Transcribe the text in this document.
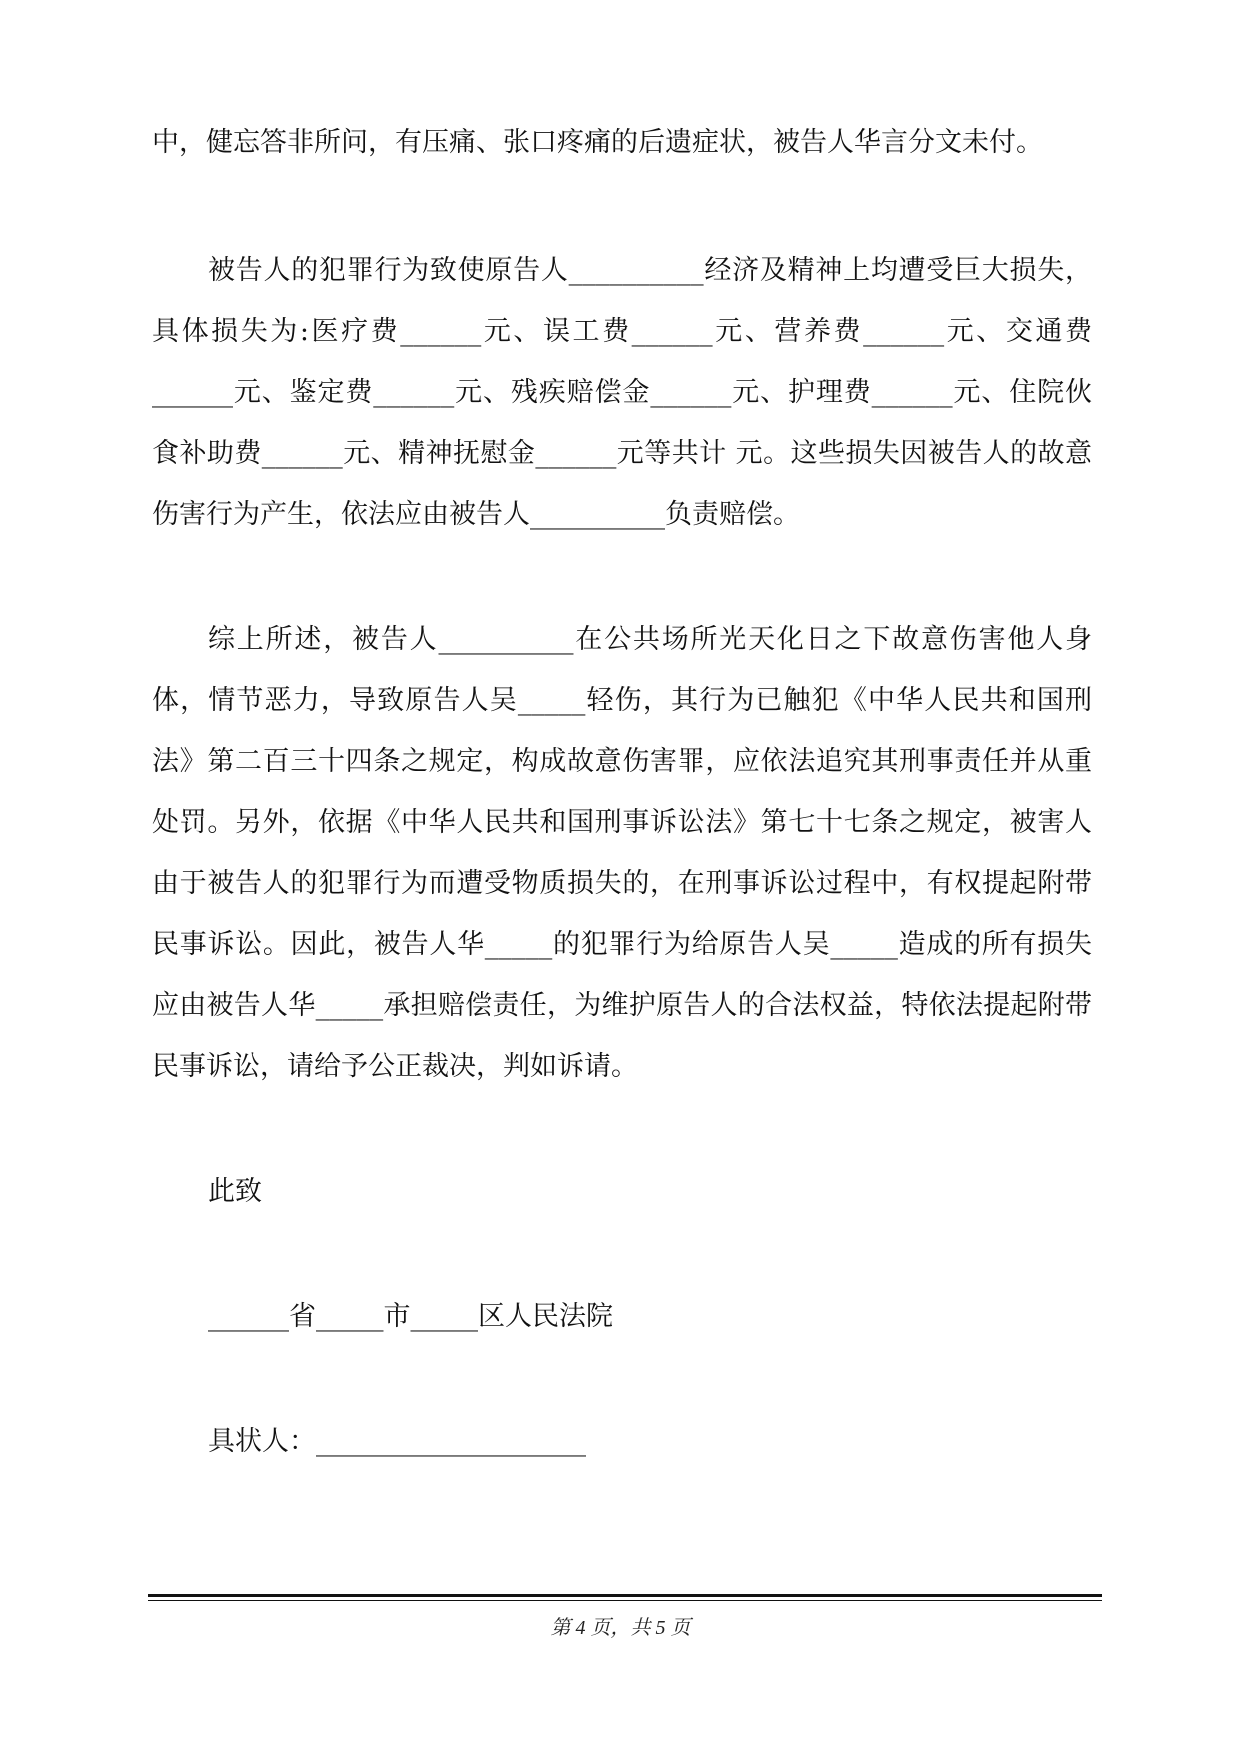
中，健忘答非所问，有压痛、张口疼痛的后遗症状，被告人华言分文未付。

被告人的犯罪行为致使原告人__________经济及精神上均遭受巨大损失，具体损失为:医疗费______元、误工费______元、营养费______元、交通费______元、鉴定费______元、残疾赔偿金______元、护理费______元、住院伙食补助费______元、精神抚慰金______元等共计 元。这些损失因被告人的故意伤害行为产生，依法应由被告人__________负责赔偿。

综上所述，被告人__________在公共场所光天化日之下故意伤害他人身体，情节恶力，导致原告人吴_____轻伤，其行为已触犯《中华人民共和国刑法》第二百三十四条之规定，构成故意伤害罪，应依法追究其刑事责任并从重处罚。另外，依据《中华人民共和国刑事诉讼法》第七十七条之规定，被害人由于被告人的犯罪行为而遭受物质损失的，在刑事诉讼过程中，有权提起附带民事诉讼。因此，被告人华_____的犯罪行为给原告人吴_____造成的所有损失应由被告人华_____承担赔偿责任，为维护原告人的合法权益，特依法提起附带民事诉讼，请给予公正裁决，判如诉请。

此致

______省_____市_____区人民法院

具状人：____________________

第 4 页，共 5 页
